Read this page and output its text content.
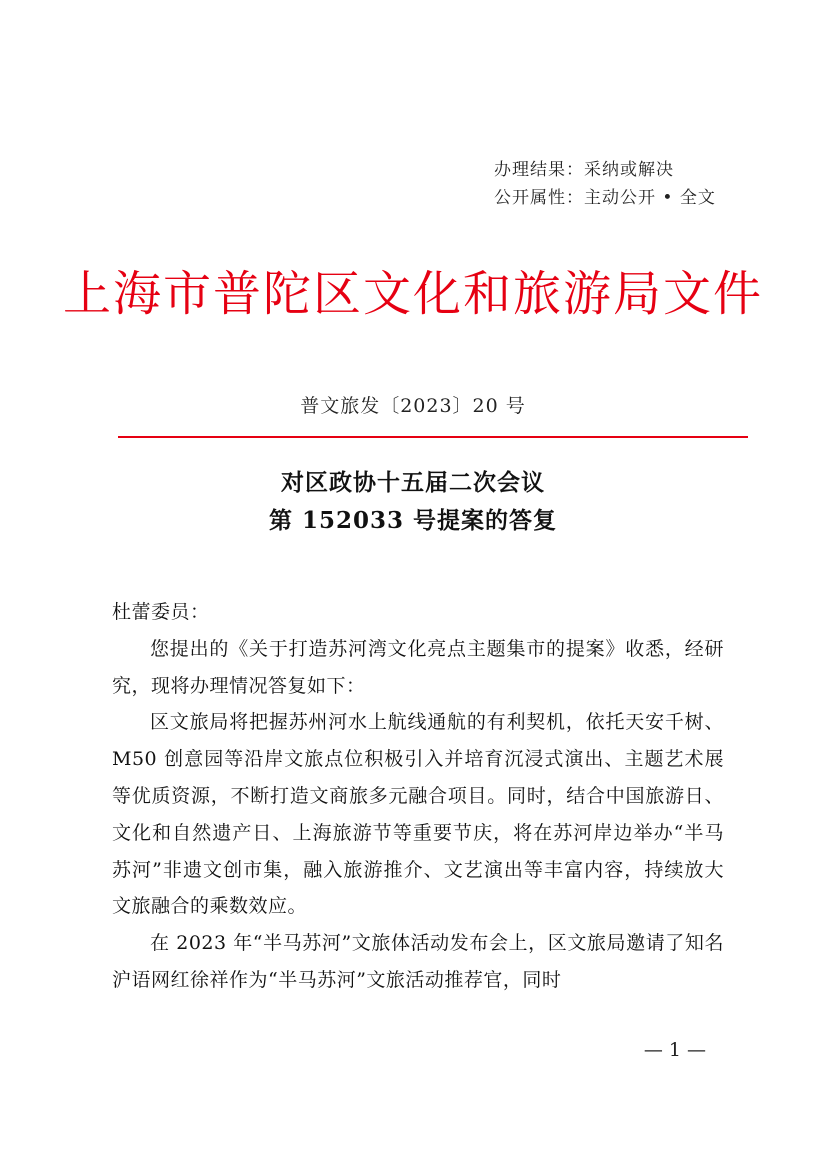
办理结果：采纳或解决
公开属性：主动公开 • 全文
上海市普陀区文化和旅游局文件
普文旅发〔2023〕20 号
对区政协十五届二次会议
第 152033 号提案的答复

杜蕾委员：

您提出的《关于打造苏河湾文化亮点主题集市的提案》收悉，经研究，现将办理情况答复如下：

区文旅局将把握苏州河水上航线通航的有利契机，依托天安千树、M50 创意园等沿岸文旅点位积极引入并培育沉浸式演出、主题艺术展等优质资源，不断打造文商旅多元融合项目。同时，结合中国旅游日、文化和自然遗产日、上海旅游节等重要节庆，将在苏河岸边举办“半马苏河”非遗文创市集，融入旅游推介、文艺演出等丰富内容，持续放大文旅融合的乘数效应。

在 2023 年“半马苏河”文旅体活动发布会上，区文旅局邀请了知名沪语网红徐祥作为“半马苏河”文旅活动推荐官，同时

— 1 —
